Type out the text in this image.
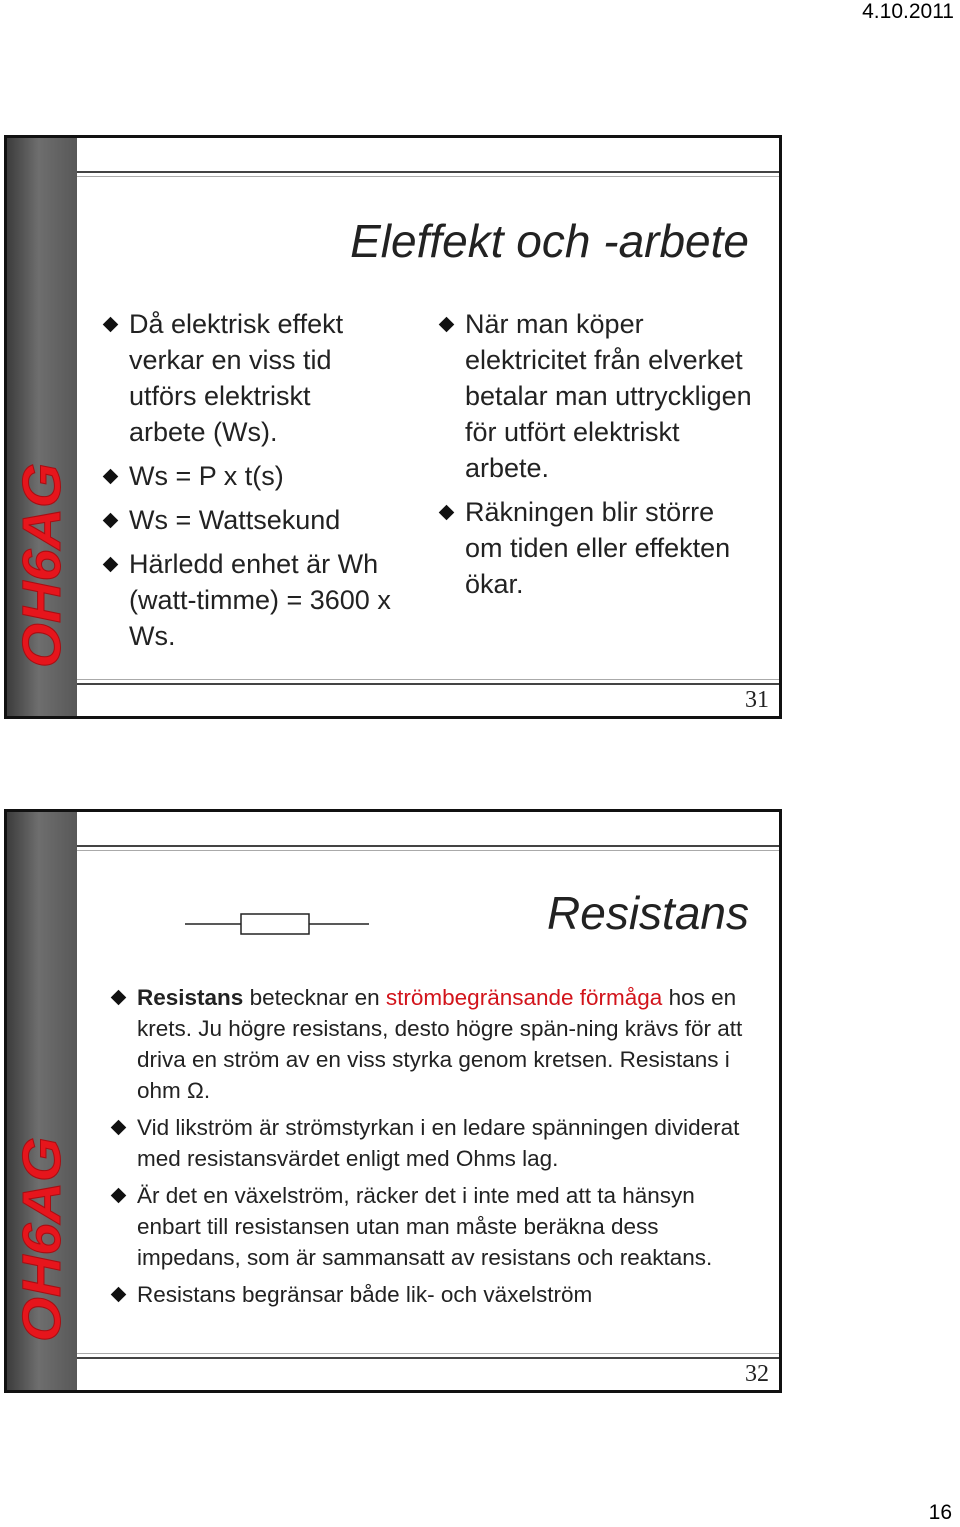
4.10.2011
OH6AG
Eleffekt och -arbete
Då elektrisk effekt verkar en viss tid utförs elektriskt arbete (Ws).
Ws = P x t(s)
Ws = Wattsekund
Härledd enhet är Wh (watt-timme) = 3600 x Ws.
När man köper elektricitet från elverket betalar man uttryckligen för utfört elektriskt arbete.
Räkningen blir större om tiden eller effekten ökar.
31
OH6AG
Resistans
Resistans betecknar en strömbegränsande förmåga hos en krets. Ju högre resistans, desto högre spän-ning krävs för att driva en ström av en viss styrka genom kretsen. Resistans i ohm Ω.
Vid likström är strömstyrkan i en ledare spänningen dividerat med resistansvärdet enligt med Ohms lag.
Är det en växelström, räcker det i inte med att ta hänsyn enbart till resistansen utan man måste beräkna dess impedans, som är sammansatt av resistans och reaktans.
Resistans begränsar både lik- och växelström
32
16
